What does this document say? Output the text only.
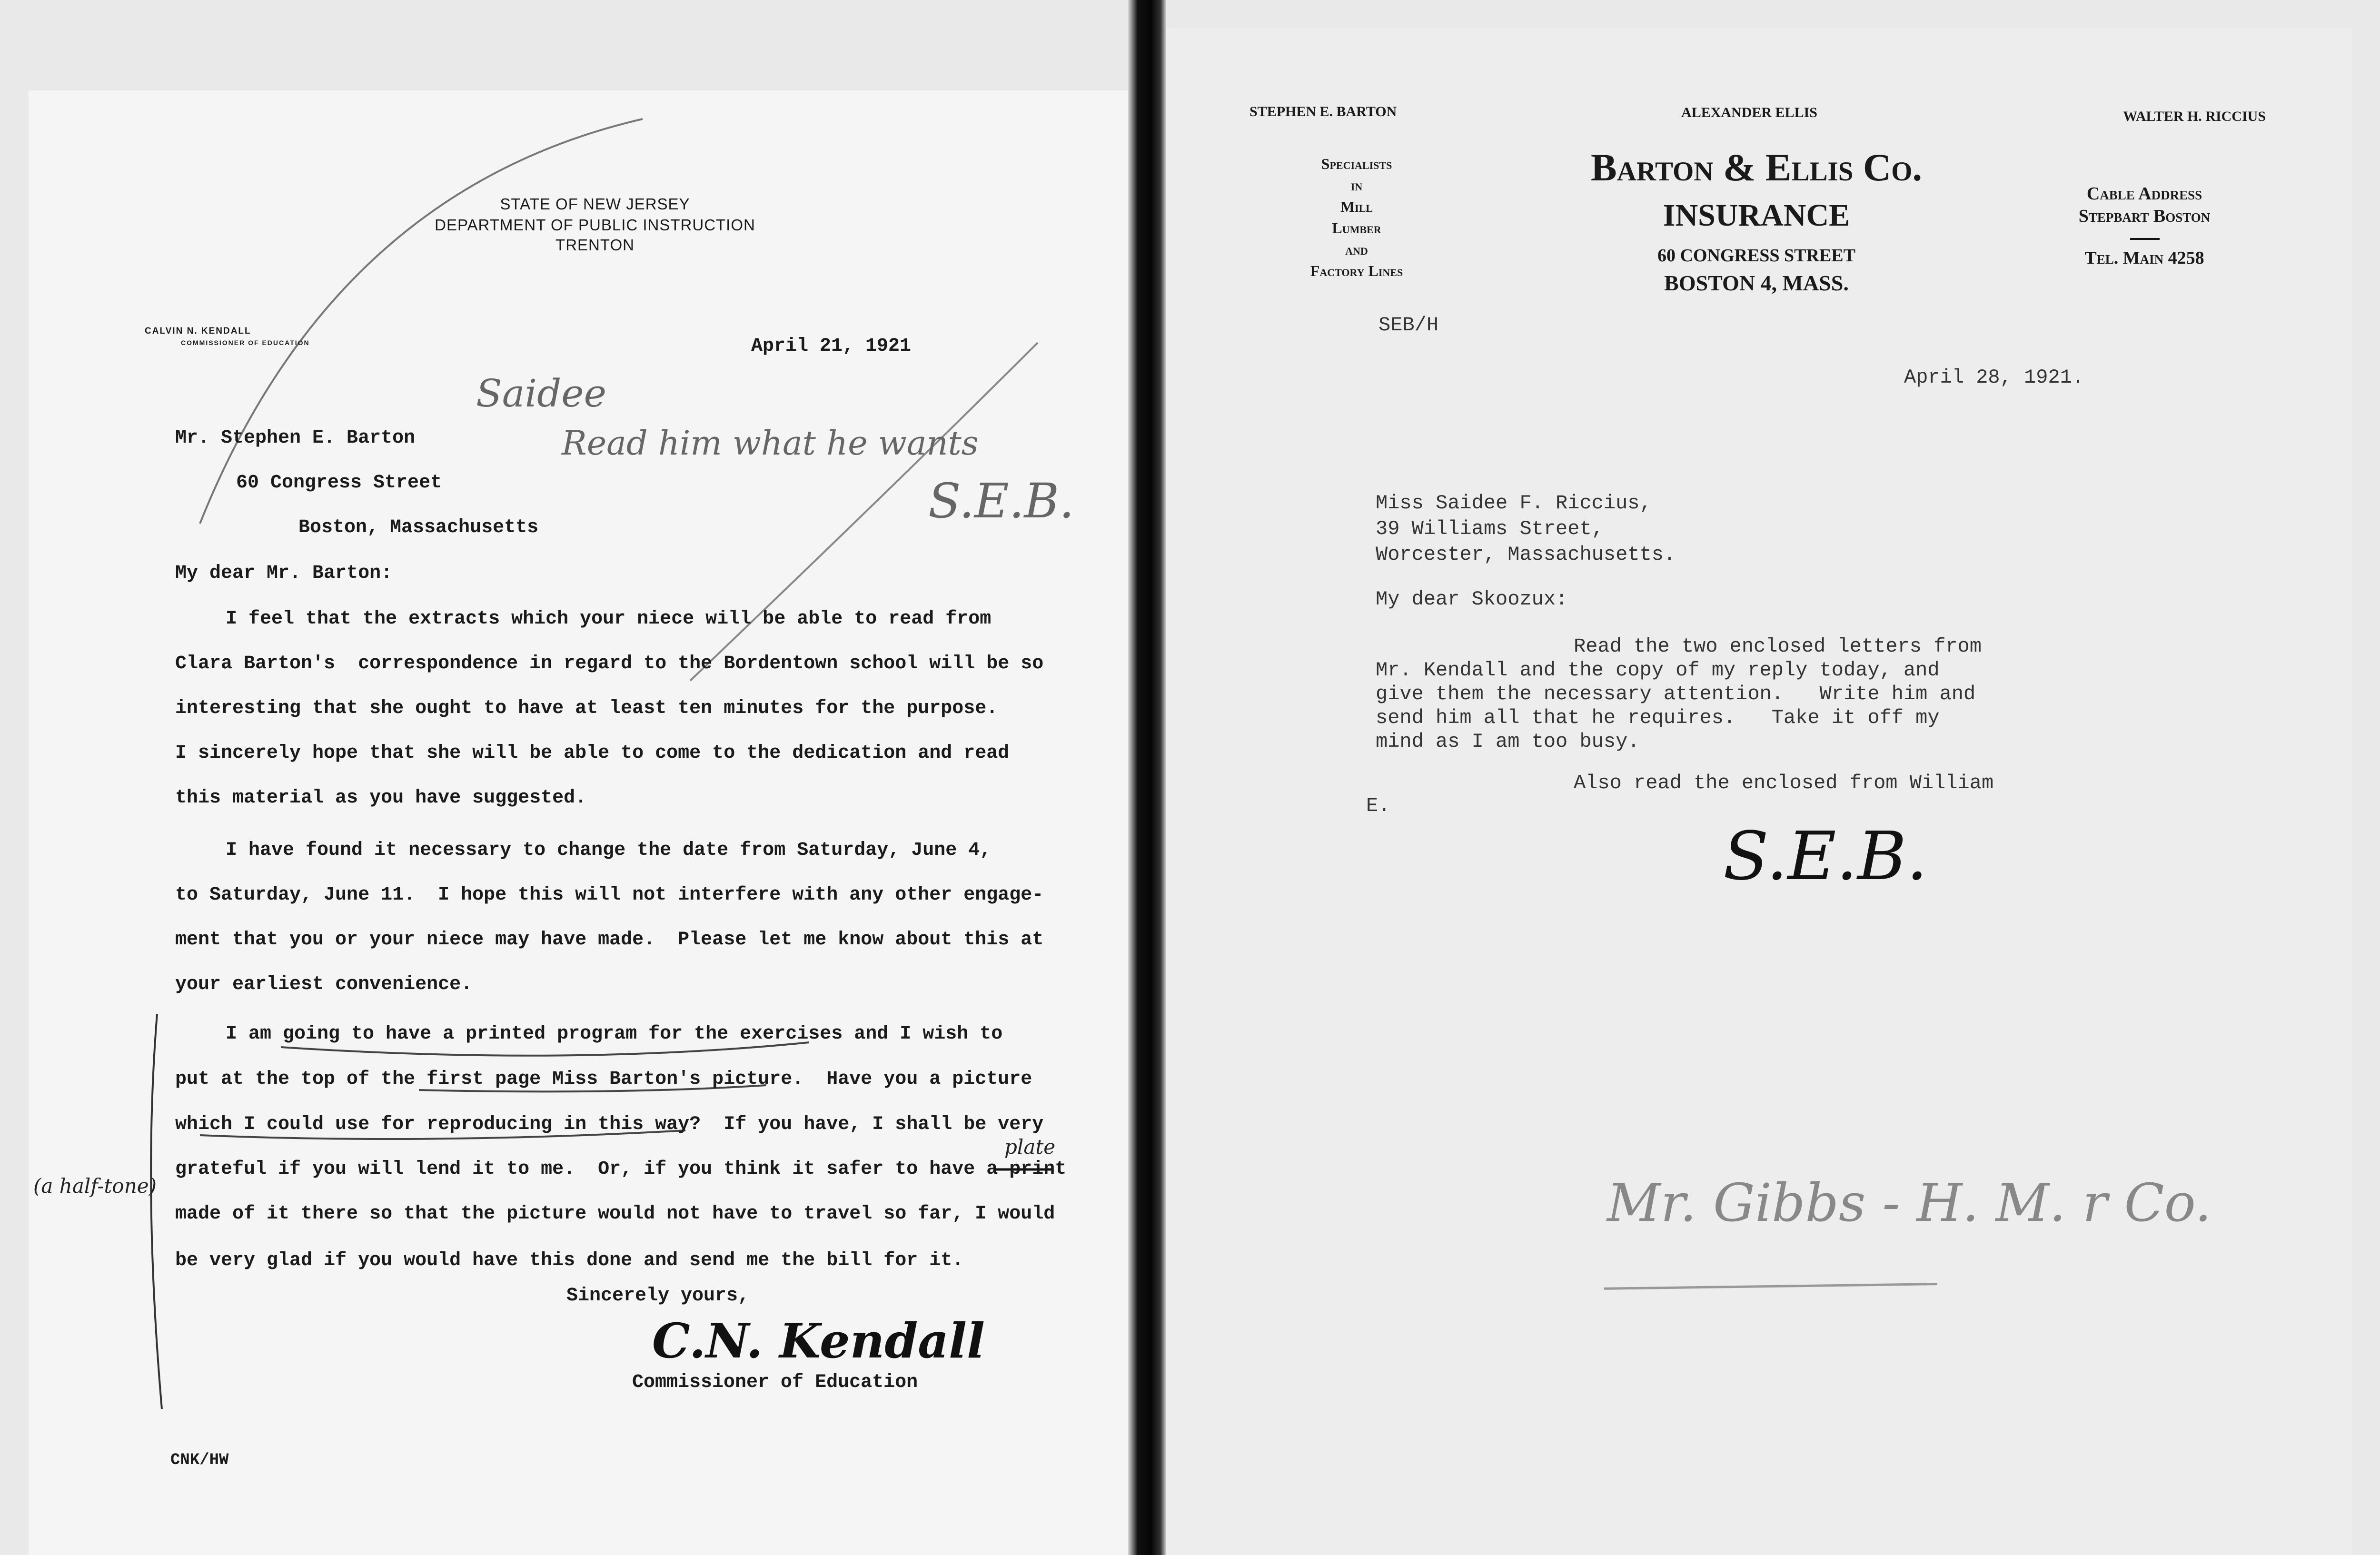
STATE OF NEW JERSEY
DEPARTMENT OF PUBLIC INSTRUCTION
TRENTON
CALVIN N. KENDALL
COMMISSIONER OF EDUCATION	April 21, 1921
Mr. Stephen E. Barton
60 Congress Street
Boston, Massachusetts
My dear Mr. Barton:
I feel that the extracts which your niece will be able to read from
Clara Barton's  correspondence in regard to the Bordentown school will be so
interesting that she ought to have at least ten minutes for the purpose.
I sincerely hope that she will be able to come to the dedication and read
this material as you have suggested.
I have found it necessary to change the date from Saturday, June 4,
to Saturday, June 11.  I hope this will not interfere with any other engage-
ment that you or your niece may have made.  Please let me know about this at
your earliest convenience.
I am going to have a printed program for the exercises and I wish to
put at the top of the first page Miss Barton's picture.  Have you a picture
which I could use for reproducing in this way?  If you have, I shall be very
grateful if you will lend it to me.  Or, if you think it safer to have a print
made of it there so that the picture would not have to travel so far, I would
be very glad if you would have this done and send me the bill for it.
Sincerely yours,
C.N. Kendall
Commissioner of Education
CNK/HW
Saidee
Read him what he wants
S.E.B.
plate
(a half-tone)
STEPHEN E. BARTON	ALEXANDER ELLIS	WALTER H. RICCIUS
Specialists
in
Mill
Lumber
and
Factory Lines
Barton & Ellis Co.
INSURANCE
60 CONGRESS STREET
BOSTON 4, MASS.
Cable Address
Stepbart Boston
Tel. Main 4258
SEB/H
April 28, 1921.
Miss Saidee F. Riccius,
39 Williams Street,
Worcester, Massachusetts.
My dear Skoozux:
Read the two enclosed letters from
Mr. Kendall and the copy of my reply today, and
give them the necessary attention.   Write him and
send him all that he requires.   Take it off my
mind as I am too busy.
Also read the enclosed from William
E.
S.E.B.
Mr. Gibbs - H. M. r Co.
